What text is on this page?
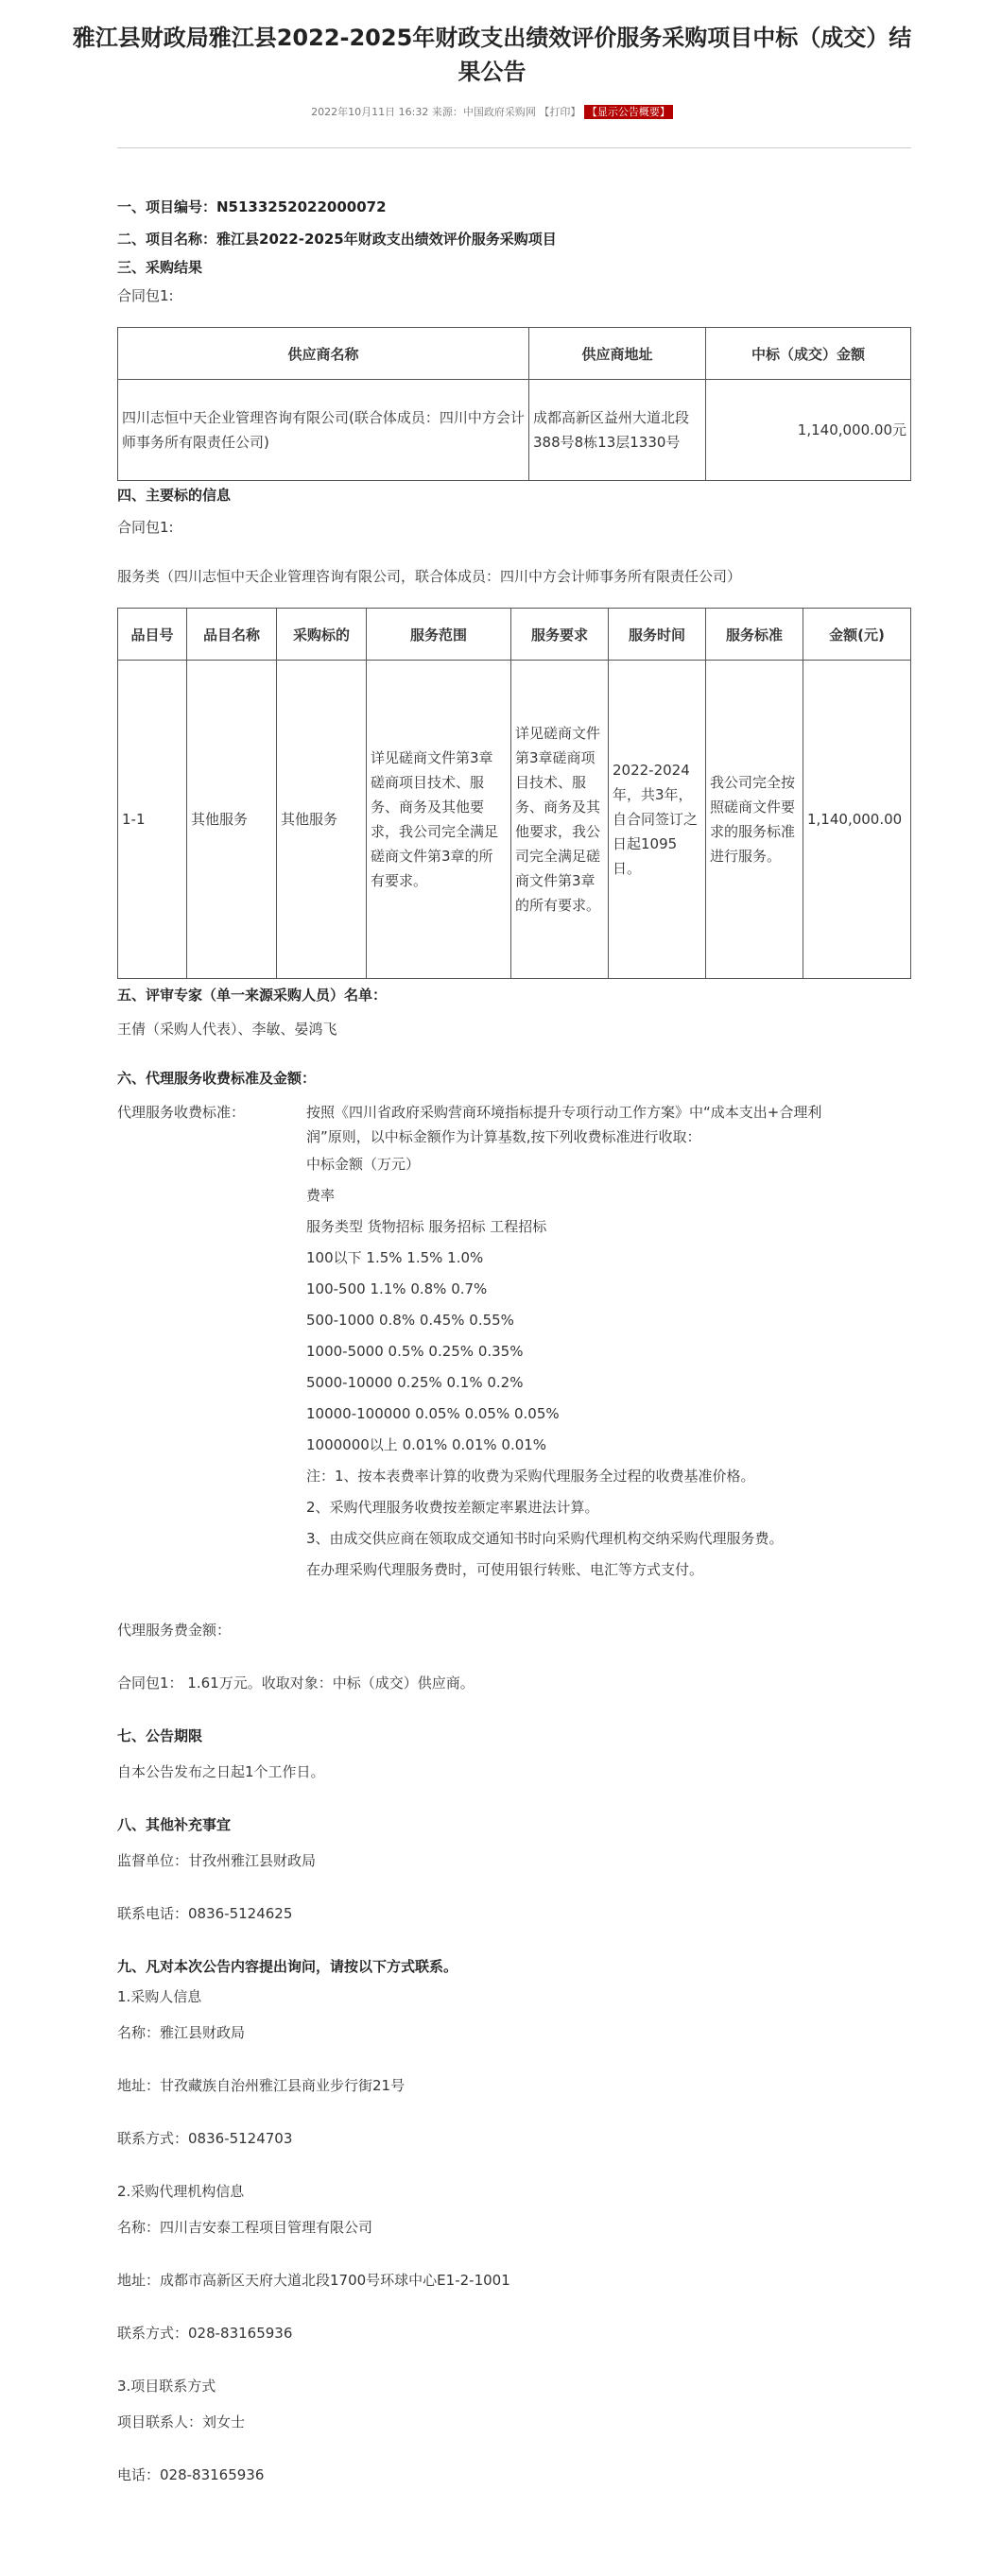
雅江县财政局雅江县2022-2025年财政支出绩效评价服务采购项目中标（成交）结
果公告
2022年10月11日 16:32 来源：中国政府采购网 【打印】 【显示公告概要】
一、项目编号：N5133252022000072
二、项目名称：雅江县2022-2025年财政支出绩效评价服务采购项目
三、采购结果
合同包1:
供应商名称	供应商地址	中标（成交）金额
四川志恒中天企业管理咨询有限公司(联合体成员：四川中方会计师事务所有限责任公司)	成都高新区益州大道北段388号8栋13层1330号	1,140,000.00元
四、主要标的信息
合同包1:
服务类（四川志恒中天企业管理咨询有限公司，联合体成员：四川中方会计师事务所有限责任公司）
品目号	品目名称	采购标的	服务范围	服务要求	服务时间	服务标准	金额(元)
1-1	其他服务	其他服务	详见磋商文件第3章磋商项目技术、服务、商务及其他要求，我公司完全满足磋商文件第3章的所有要求。	详见磋商文件第3章磋商项目技术、服务、商务及其他要求，我公司完全满足磋商文件第3章的所有要求。	2022-2024年，共3年，自合同签订之日起1095日。	我公司完全按照磋商文件要求的服务标准进行服务。	1,140,000.00
五、评审专家（单一来源采购人员）名单：
王倩（采购人代表）、李敏、晏鸿飞
六、代理服务收费标准及金额：
代理服务收费标准：	按照《四川省政府采购营商环境指标提升专项行动工作方案》中“成本支出+合理利
润”原则，以中标金额作为计算基数,按下列收费标准进行收取：
中标金额（万元）
费率
服务类型 货物招标 服务招标 工程招标
100以下 1.5% 1.5% 1.0%
100-500 1.1% 0.8% 0.7%
500-1000 0.8% 0.45% 0.55%
1000-5000 0.5% 0.25% 0.35%
5000-10000 0.25% 0.1% 0.2%
10000-100000 0.05% 0.05% 0.05%
1000000以上 0.01% 0.01% 0.01%
注：1、按本表费率计算的收费为采购代理服务全过程的收费基准价格。
2、采购代理服务收费按差额定率累进法计算。
3、由成交供应商在领取成交通知书时向采购代理机构交纳采购代理服务费。
在办理采购代理服务费时，可使用银行转账、电汇等方式支付。
代理服务费金额：
合同包1： 1.61万元。收取对象：中标（成交）供应商。
七、公告期限
自本公告发布之日起1个工作日。
八、其他补充事宜
监督单位：甘孜州雅江县财政局
联系电话：0836-5124625
九、凡对本次公告内容提出询问，请按以下方式联系。
1.采购人信息
名称：雅江县财政局
地址：甘孜藏族自治州雅江县商业步行街21号
联系方式：0836-5124703
2.采购代理机构信息
名称：四川吉安泰工程项目管理有限公司
地址：成都市高新区天府大道北段1700号环球中心E1-2-1001
联系方式：028-83165936
3.项目联系方式
项目联系人：刘女士
电话：028-83165936
